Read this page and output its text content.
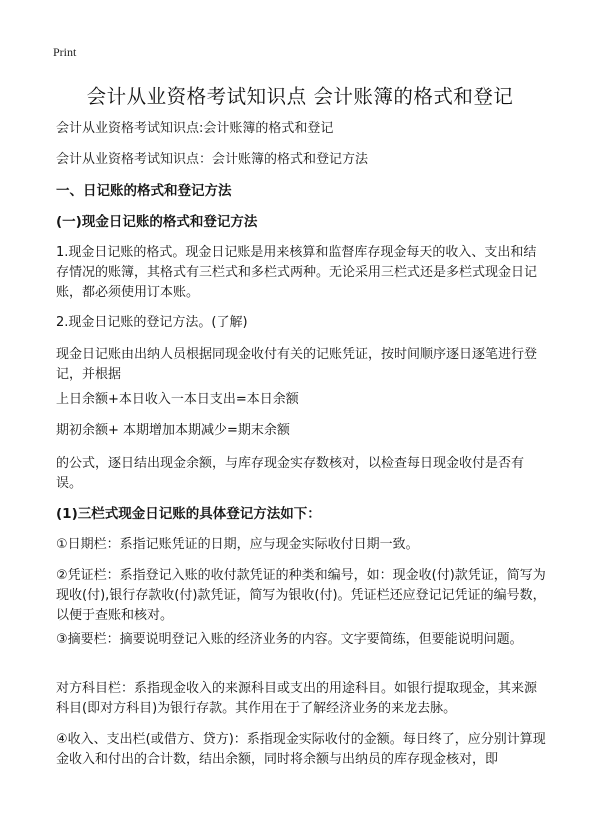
Print
会计从业资格考试知识点 会计账簿的格式和登记

会计从业资格考试知识点:会计账簿的格式和登记

会计从业资格考试知识点：会计账簿的格式和登记方法

一、日记账的格式和登记方法

(一)现金日记账的格式和登记方法

1.现金日记账的格式。现金日记账是用来核算和监督库存现金每天的收入、支出和结存情况的账簿，其格式有三栏式和多栏式两种。无论采用三栏式还是多栏式现金日记账，都必须使用订本账。

2.现金日记账的登记方法。(了解)

现金日记账由出纳人员根据同现金收付有关的记账凭证，按时间顺序逐日逐笔进行登记，并根据

上日余额+本日收入一本日支出=本日余额

期初余额+ 本期增加本期减少=期末余额

的公式，逐日结出现金余额，与库存现金实存数核对，以检查每日现金收付是否有误。

(1)三栏式现金日记账的具体登记方法如下：

①日期栏：系指记账凭证的日期，应与现金实际收付日期一致。

②凭证栏：系指登记入账的收付款凭证的种类和编号，如：现金收(付)款凭证，简写为现收(付),银行存款收(付)款凭证，简写为银收(付)。凭证栏还应登记记凭证的编号数，以便于查账和核对。

③摘要栏：摘要说明登记入账的经济业务的内容。文字要简练，但要能说明问题。

对方科目栏：系指现金收入的来源科目或支出的用途科目。如银行提取现金，其来源科目(即对方科目)为银行存款。其作用在于了解经济业务的来龙去脉。

④收入、支出栏(或借方、贷方)：系指现金实际收付的金额。每日终了，应分别计算现金收入和付出的合计数，结出余额，同时将余额与出纳员的库存现金核对，即
